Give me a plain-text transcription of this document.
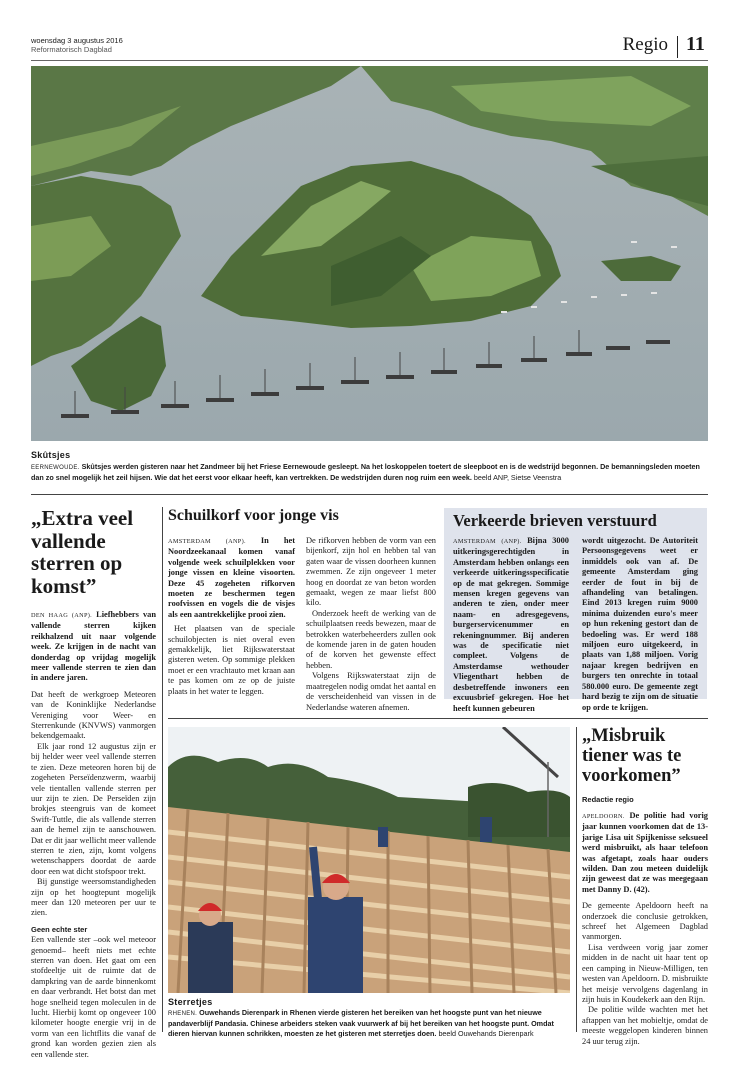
woensdag 3 augustus 2016
Reformatorisch Dagblad	Regio 11
Skûtsjes
EERNEWOUDE. Skûtsjes werden gisteren naar het Zandmeer bij het Friese Eernewoude gesleept. Na het loskoppelen toetert de sleepboot en is de wedstrijd begonnen. De bemanningsleden moeten dan zo snel mogelijk het zeil hijsen. Wie dat het eerst voor elkaar heeft, kan vertrekken. De wedstrijden duren nog ruim een week. beeld ANP, Sietse Veenstra
„Extra veel vallende sterren op komst”

DEN HAAG (ANP). Liefhebbers van vallende sterren kijken reikhalzend uit naar volgende week. Ze krijgen in de nacht van donderdag op vrijdag mogelijk meer vallende sterren te zien dan in andere jaren.

Dat heeft de werkgroep Meteoren van de Koninklijke Nederlandse Vereniging voor Weer- en Sterrenkunde (KNVWS) vanmorgen bekendgemaakt.

Elk jaar rond 12 augustus zijn er bij helder weer veel vallende sterren te zien. Deze meteoren horen bij de zogeheten Perseïdenzwerm, waarbij vele tientallen vallende sterren per uur zijn te zien. De Perseïden zijn brokjes steengruis van de komeet Swift-Tuttle, die als vallende sterren aan de hemel zijn te aanschouwen. Dat er dit jaar wellicht meer vallende sterren te zien, zijn, komt volgens wetenschappers doordat de aarde door een wat dicht stofspoor trekt.

Bij gunstige weersomstandigheden zijn op het hoogtepunt mogelijk meer dan 120 meteoren per uur te zien.

Geen echte ster

Een vallende ster –ook wel meteoor genoemd– heeft niets met echte sterren van doen. Het gaat om een stofdeeltje uit de ruimte dat de dampkring van de aarde binnenkomt en daar verbrandt. Het botst dan met hoge snelheid tegen moleculen in de lucht. Hierbij komt op ongeveer 100 kilometer hoogte energie vrij in de vorm van een lichtflits die vanaf de grond kan worden gezien zien als een vallende ster.

Schuilkorf voor jonge vis

AMSTERDAM (ANP). In het Noordzeekanaal komen vanaf volgende week schuilplekken voor jonge vissen en kleine visoorten. Deze 45 zogeheten rifkorven moeten ze beschermen tegen roofvissen en vogels die de visjes als een aantrekkelijke prooi zien.

Het plaatsen van de speciale schuilobjecten is niet overal even gemakkelijk, liet Rijkswaterstaat gisteren weten. Op sommige plekken moet er een vrachtauto met kraan aan te pas komen om ze op de juiste plaats in het water te leggen.

De rifkorven hebben de vorm van een bijenkorf, zijn hol en hebben tal van gaten waar de vissen doorheen kunnen zwemmen. Ze zijn ongeveer 1 meter hoog en doordat ze van beton worden gemaakt, wegen ze maar liefst 800 kilo.

Onderzoek heeft de werking van de schuilplaatsen reeds bewezen, maar de betrokken waterbeheerders zullen ook de komende jaren in de gaten houden of de korven het gewenste effect hebben.

Volgens Rijkswaterstaat zijn de maatregelen nodig omdat het aantal en de verscheidenheid van vissen in de Nederlandse wateren afnemen.

Verkeerde brieven verstuurd

AMSTERDAM (ANP). Bijna 3000 uitkeringsgerechtigden in Amsterdam hebben onlangs een verkeerde uitkeringsspecificatie op de mat gekregen. Sommige mensen kregen gegevens van anderen te zien, onder meer naam- en adresgegevens, burgerservicenummer en rekeningnummer. Bij anderen was de specificatie niet compleet. Volgens de Amsterdamse wethouder Vliegenthart hebben de desbetreffende inwoners een excuusbrief gekregen. Hoe het heeft kunnen gebeuren

wordt uitgezocht. De Autoriteit Persoonsgegevens weet er inmiddels ook van af. De gemeente Amsterdam ging eerder de fout in bij de afhandeling van betalingen. Eind 2013 kregen ruim 9000 minima duizenden euro's meer op hun rekening gestort dan de bedoeling was. Er werd 188 miljoen euro uitgekeerd, in plaats van 1,88 miljoen. Vorig najaar kregen bedrijven en burgers ten onrechte in totaal 580.000 euro. De gemeente zegt hard bezig te zijn om de situatie op orde te krijgen.

Sterretjes
RHENEN. Ouwehands Dierenpark in Rhenen vierde gisteren het bereiken van het hoogste punt van het nieuwe pandaverblijf Pandasia. Chinese arbeiders steken vaak vuurwerk af bij het bereiken van het hoogste punt. Omdat dieren hiervan kunnen schrikken, moesten ze het gisteren met sterretjes doen. beeld Ouwehands Dierenpark
„Misbruik tiener was te voorkomen”
Redactie regio

APELDOORN. De politie had vorig jaar kunnen voorkomen dat de 13-jarige Lisa uit Spijkenisse seksueel werd misbruikt, als haar telefoon was afgetapt, zoals haar ouders wilden. Dan zou meteen duidelijk zijn geweest dat ze was meegegaan met Danny D. (42).

De gemeente Apeldoorn heeft na onderzoek die conclusie getrokken, schreef het Algemeen Dagblad vanmorgen.

Lisa verdween vorig jaar zomer midden in de nacht uit haar tent op een camping in Nieuw-Milligen, ten westen van Apeldoorn. D. misbruikte het meisje vervolgens dagenlang in zijn huis in Koudekerk aan den Rijn.

De politie wilde wachten met het aftappen van het mobieltje, omdat de meeste weggelopen kinderen binnen 24 uur terug zijn.
